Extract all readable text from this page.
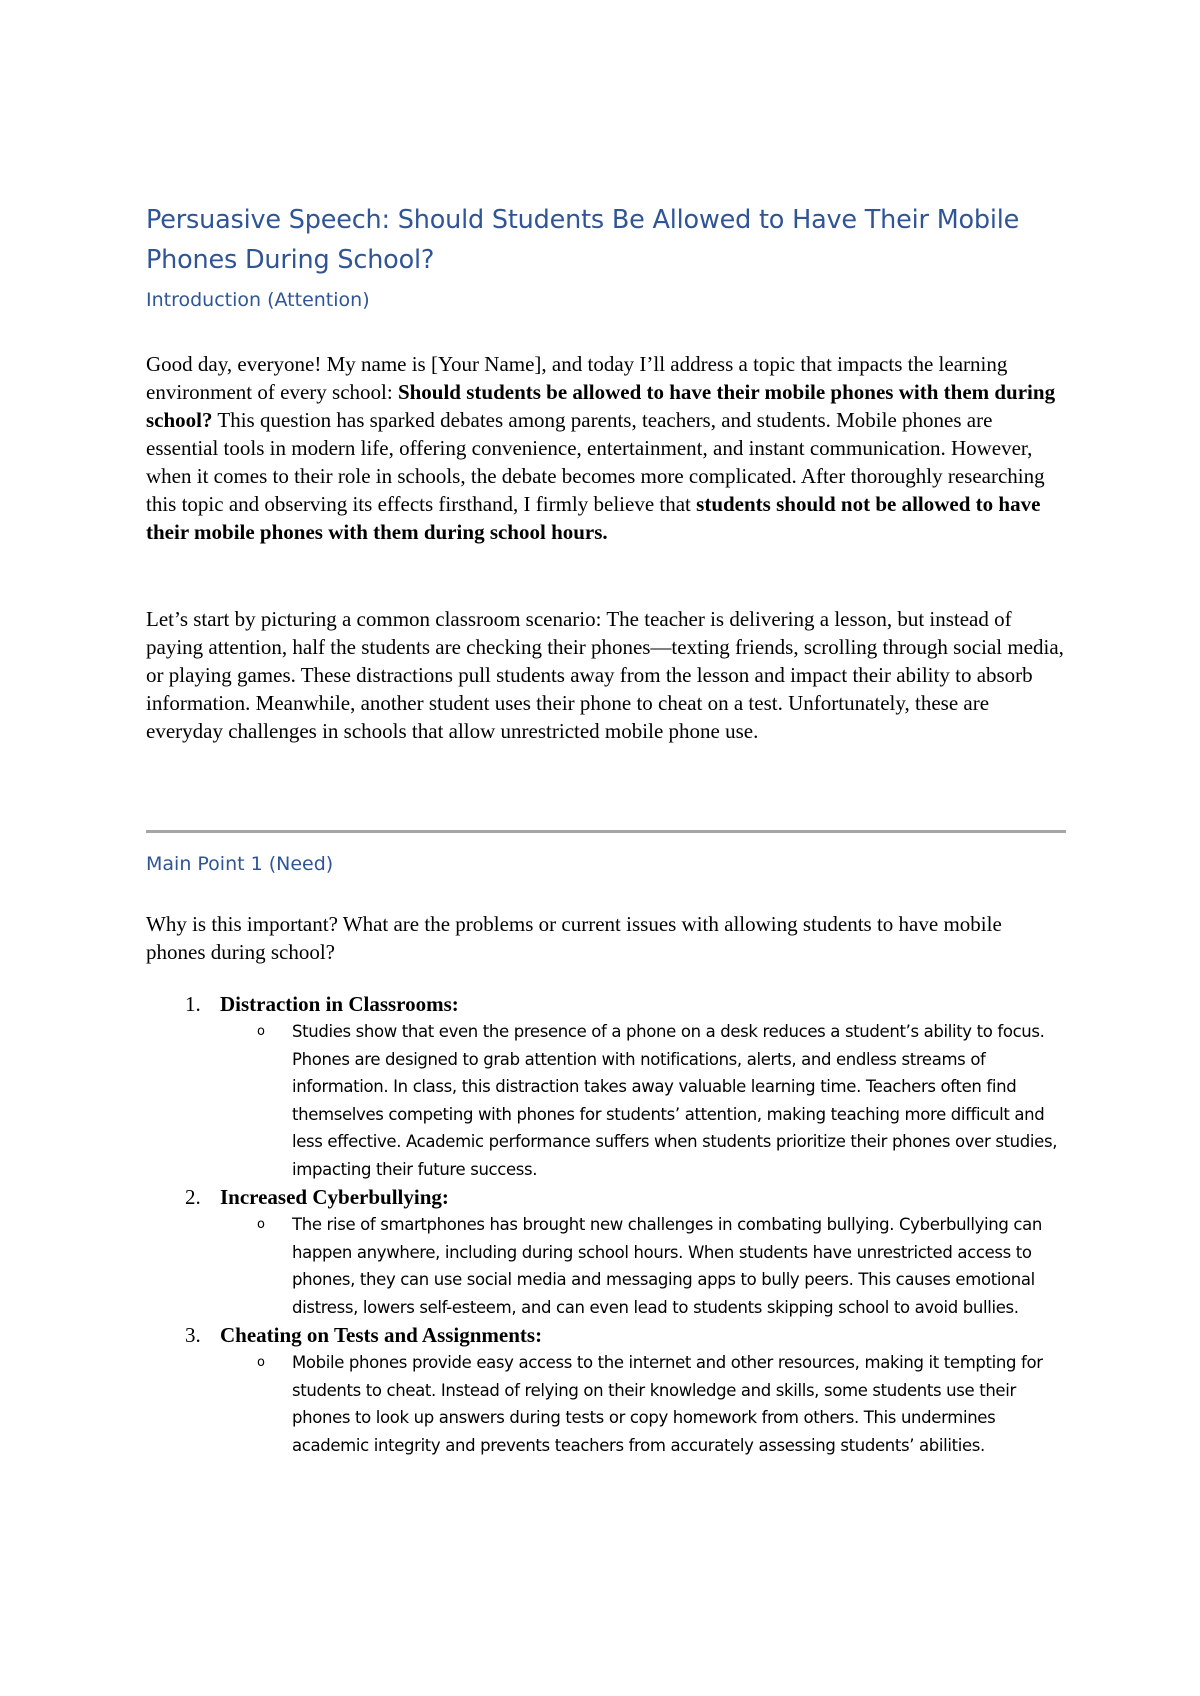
Persuasive Speech: Should Students Be Allowed to Have Their Mobile
Phones During School?
Introduction (Attention)

Good day, everyone! My name is [Your Name], and today I’ll address a topic that impacts the learning environment of every school: Should students be allowed to have their mobile phones with them during school? This question has sparked debates among parents, teachers, and students. Mobile phones are essential tools in modern life, offering convenience, entertainment, and instant communication. However, when it comes to their role in schools, the debate becomes more complicated. After thoroughly researching this topic and observing its effects firsthand, I firmly believe that students should not be allowed to have their mobile phones with them during school hours.

Let’s start by picturing a common classroom scenario: The teacher is delivering a lesson, but instead of paying attention, half the students are checking their phones—texting friends, scrolling through social media, or playing games. These distractions pull students away from the lesson and impact their ability to absorb information. Meanwhile, another student uses their phone to cheat on a test. Unfortunately, these are everyday challenges in schools that allow unrestricted mobile phone use.

Main Point 1 (Need)

Why is this important? What are the problems or current issues with allowing students to have mobile phones during school?

1. Distraction in Classrooms:
o Studies show that even the presence of a phone on a desk reduces a student’s ability to focus. Phones are designed to grab attention with notifications, alerts, and endless streams of information. In class, this distraction takes away valuable learning time. Teachers often find themselves competing with phones for students’ attention, making teaching more difficult and less effective. Academic performance suffers when students prioritize their phones over studies, impacting their future success.
2. Increased Cyberbullying:
o The rise of smartphones has brought new challenges in combating bullying. Cyberbullying can happen anywhere, including during school hours. When students have unrestricted access to phones, they can use social media and messaging apps to bully peers. This causes emotional distress, lowers self-esteem, and can even lead to students skipping school to avoid bullies.
3. Cheating on Tests and Assignments:
o Mobile phones provide easy access to the internet and other resources, making it tempting for students to cheat. Instead of relying on their knowledge and skills, some students use their phones to look up answers during tests or copy homework from others. This undermines academic integrity and prevents teachers from accurately assessing students’ abilities.
